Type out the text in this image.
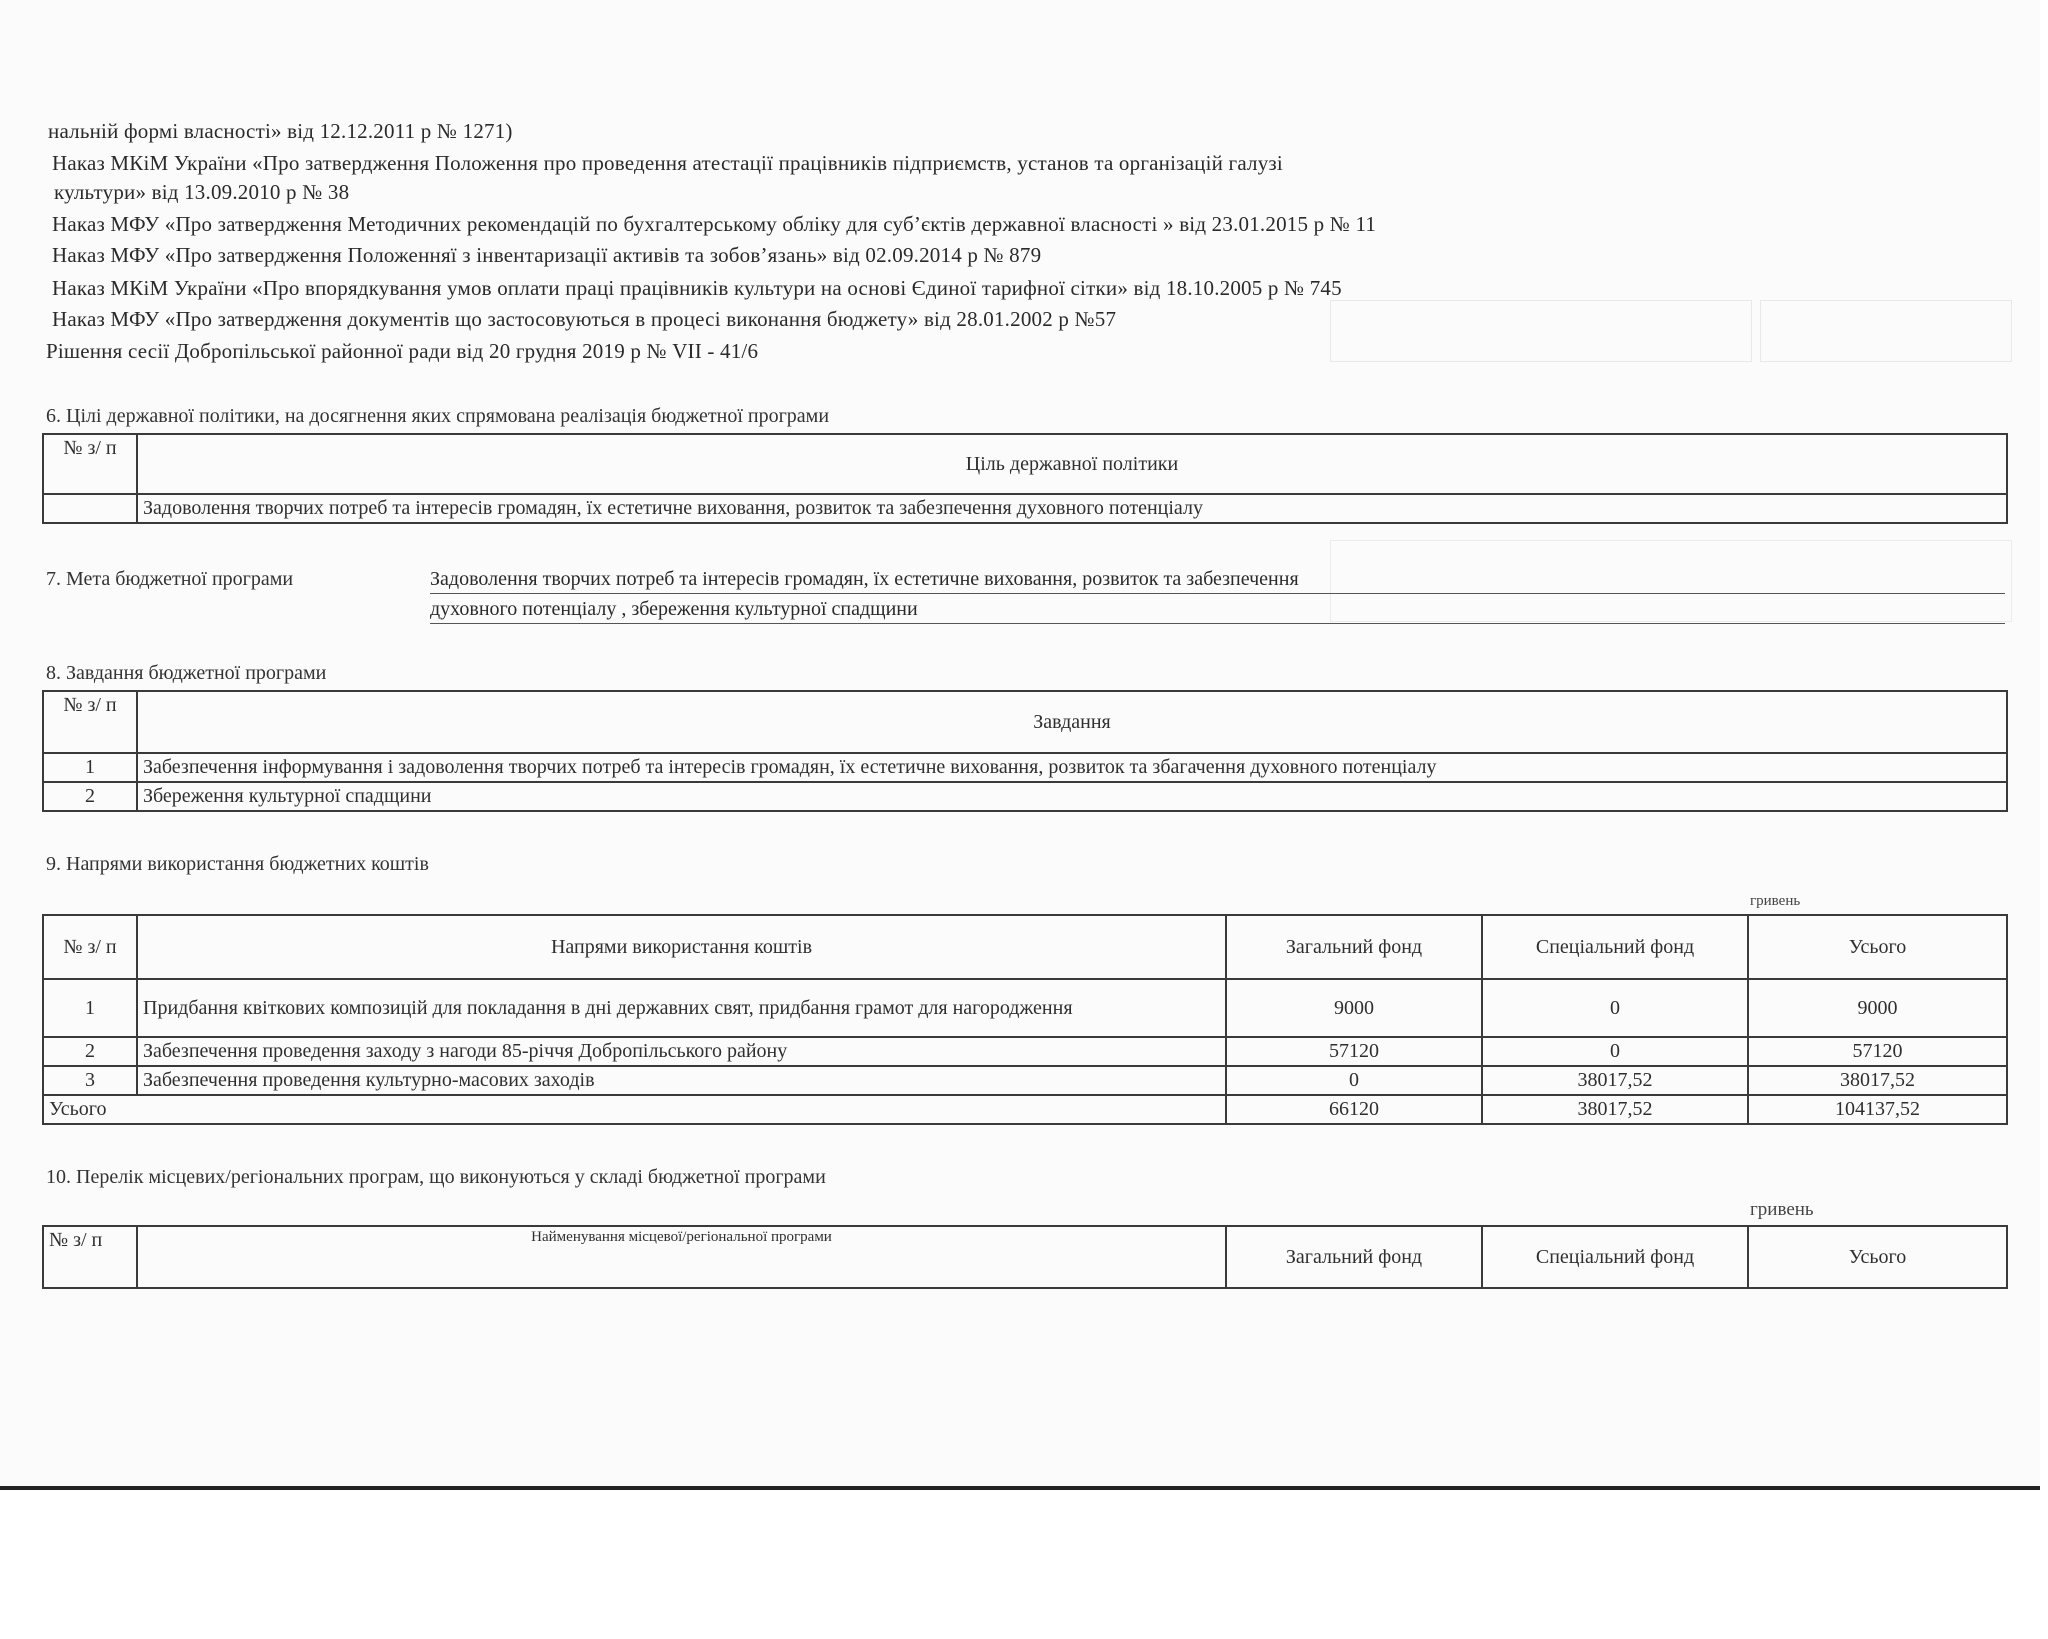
нальній формі власності» від 12.12.2011 р № 1271)
Наказ МКіМ України «Про затвердження Положення про проведення атестації працівників підприємств, установ та організацій галузі
культури» від 13.09.2010 р № 38
Наказ МФУ «Про затвердження Методичних рекомендацій по бухгалтерському обліку для суб’єктів державної власності » від 23.01.2015 р № 11
Наказ МФУ «Про затвердження Положенняї з інвентаризації активів та зобов’язань» від 02.09.2014 р № 879
Наказ МКіМ України «Про впорядкування умов оплати праці працівників культури на основі Єдиної тарифної сітки» від 18.10.2005 р № 745
Наказ МФУ «Про затвердження документів що застосовуються в процесі виконання бюджету» від 28.01.2002 р №57
Рішення сесії Добропільської районної ради від 20 грудня 2019 р № VII - 41/6
6. Цілі державної політики, на досягнення яких спрямована реалізація бюджетної програми
№ з/ п	Ціль державної політики
	Задоволення творчих потреб та інтересів громадян, їх естетичне виховання, розвиток та забезпечення духовного потенціалу
7. Мета бюджетної програми	Задоволення творчих потреб та інтересів громадян, їх естетичне виховання, розвиток та забезпечення
духовного потенціалу , збереження культурної спадщини
8. Завдання бюджетної програми
№ з/ п	Завдання
1	Забезпечення інформування і задоволення творчих потреб та інтересів громадян, їх естетичне виховання, розвиток та збагачення духовного потенціалу
2	Збереження культурної спадщини
9. Напрями використання бюджетних коштів
гривень
№ з/ п	Напрями використання коштів	Загальний фонд	Спеціальний фонд	Усього
1	Придбання квіткових композицій для покладання в дні державних свят, придбання грамот для нагородження	9000	0	9000
2	Забезпечення проведення заходу з нагоди 85-річчя Добропільського району	57120	0	57120
3	Забезпечення проведення культурно-масових заходів	0	38017,52	38017,52
Усього		66120	38017,52	104137,52
10. Перелік місцевих/регіональних програм, що виконуються у складі бюджетної програми
гривень
№ з/ п	Найменування місцевої/регіональної програми	Загальний фонд	Спеціальний фонд	Усього
